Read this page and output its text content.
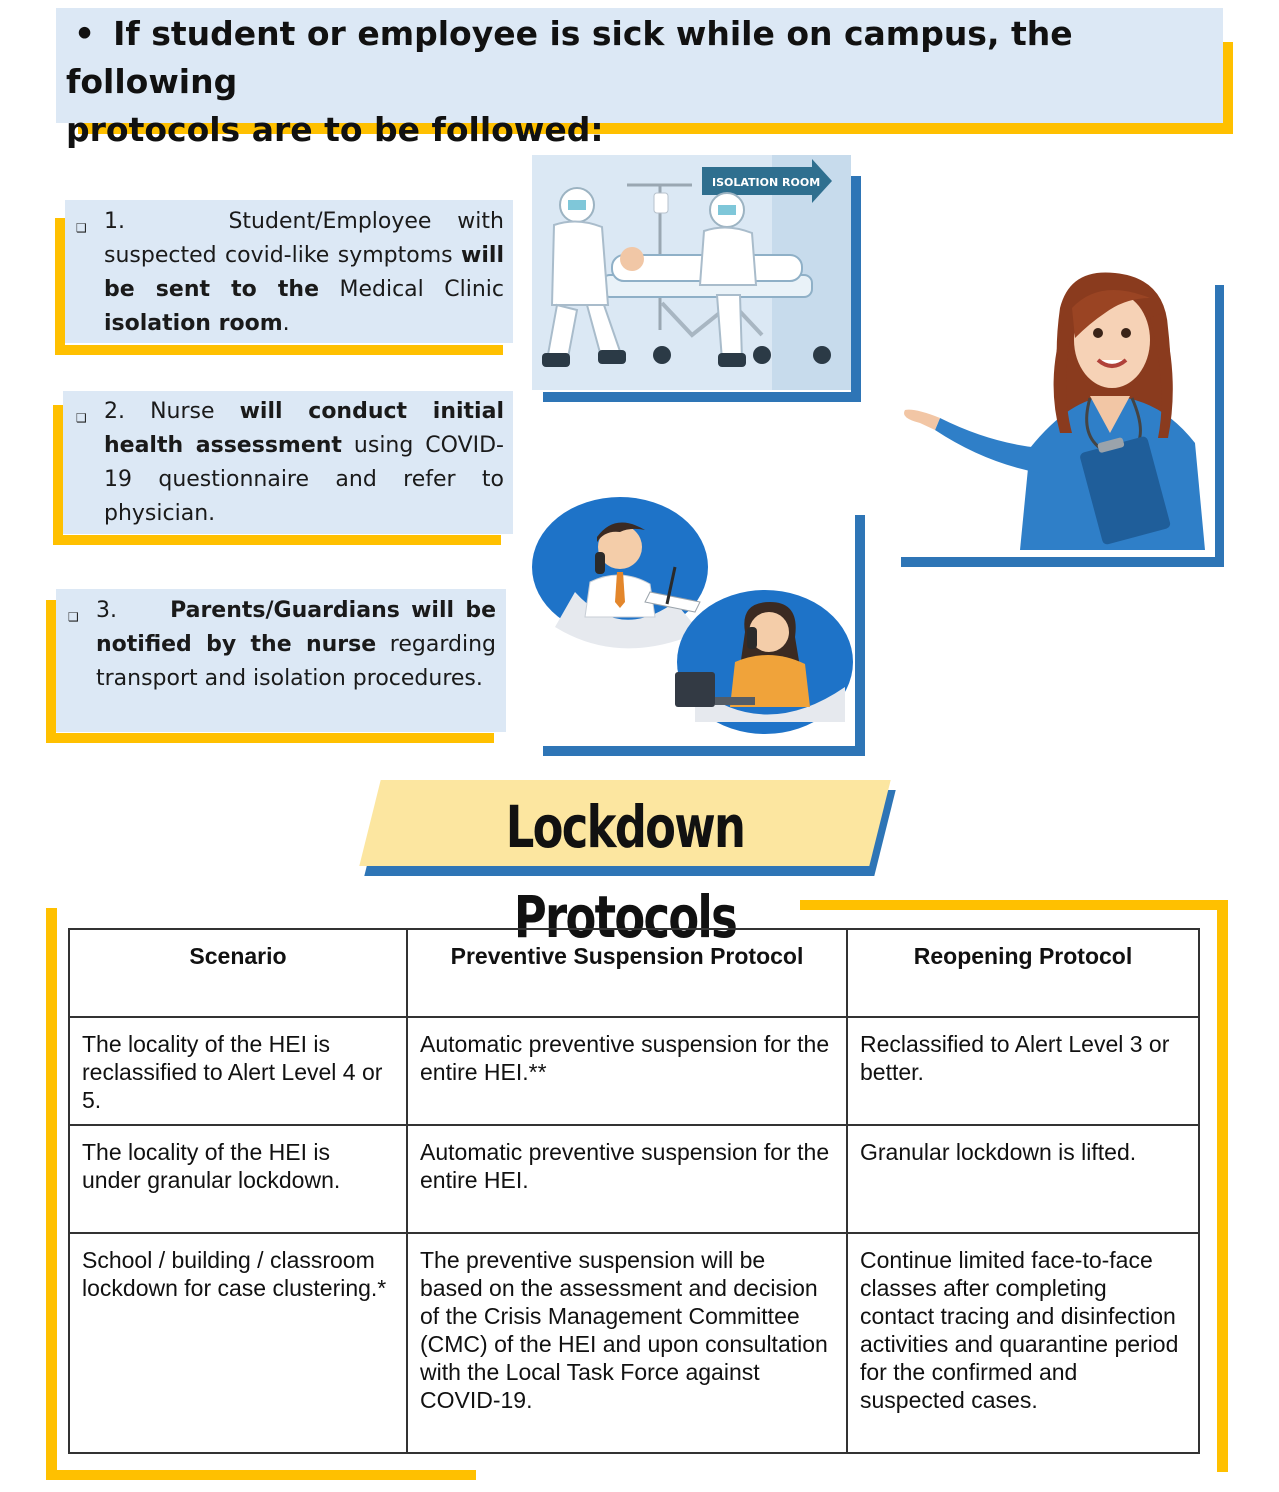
• If student or employee is sick while on campus, the following
protocols are to be followed:
❑ 1.	Student/Employee with suspected covid-like symptoms will be sent to the Medical Clinic isolation room.
❑ 2. Nurse will conduct initial health assessment using COVID-19 questionnaire and refer to physician.
❑ 3. Parents/Guardians will be notified by the nurse regarding transport and isolation procedures.
ISOLATION ROOM
Lockdown Protocols
Scenario	Preventive Suspension Protocol	Reopening Protocol
The locality of the HEI is reclassified to Alert Level 4 or 5.	Automatic preventive suspension for the entire HEI.**	Reclassified to Alert Level 3 or better.
The locality of the HEI is under granular lockdown.	Automatic preventive suspension for the entire HEI.	Granular lockdown is lifted.
School / building / classroom lockdown for case clustering.*	The preventive suspension will be based on the assessment and decision of the Crisis Management Committee (CMC) of the HEI and upon consultation with the Local Task Force against COVID-19.	Continue limited face-to-face classes after completing contact tracing and disinfection activities and quarantine period for the confirmed and suspected cases.
